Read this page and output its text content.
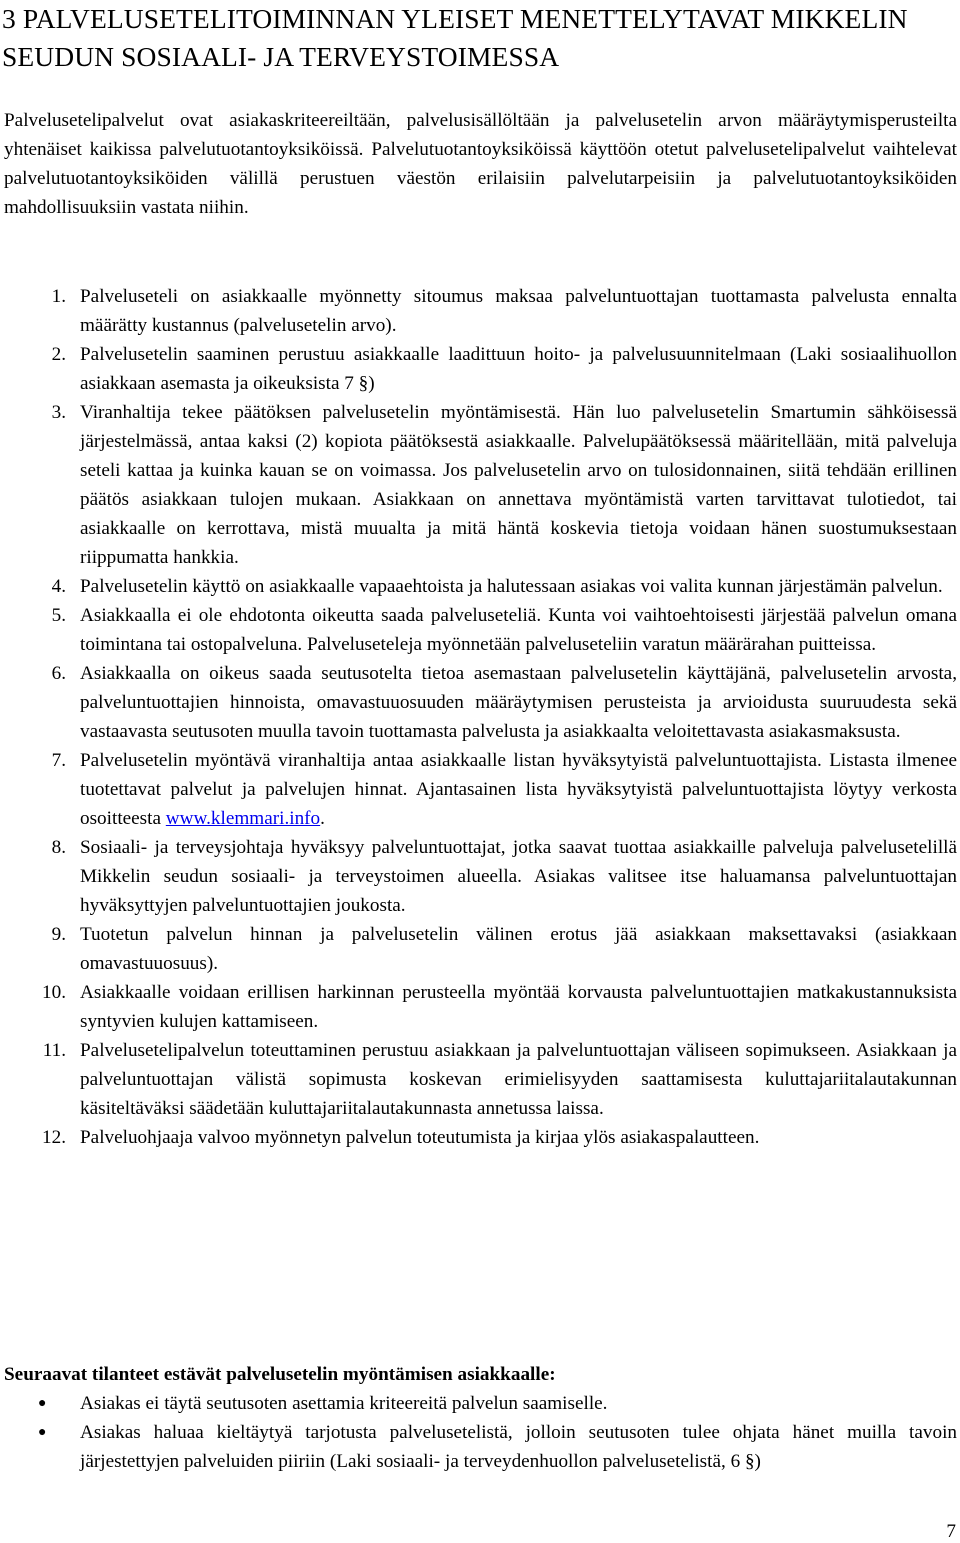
3 PALVELUSETELITOIMINNAN YLEISET MENETTELYTAVAT MIKKELIN SEUDUN SOSIAALI- JA TERVEYSTOIMESSA

Palvelusetelipalvelut ovat asiakaskriteereiltään, palvelusisällöltään ja palvelusetelin arvon määräytymisperusteilta yhtenäiset kaikissa palvelutuotantoyksiköissä. Palvelutuotantoyksiköissä käyttöön otetut palvelusetelipalvelut vaihtelevat palvelutuotantoyksiköiden välillä perustuen väestön erilaisiin palvelutarpeisiin ja palvelutuotantoyksiköiden mahdollisuuksiin vastata niihin.

1. Palveluseteli on asiakkaalle myönnetty sitoumus maksaa palveluntuottajan tuottamasta palvelusta ennalta määrätty kustannus (palvelusetelin arvo).
2. Palvelusetelin saaminen perustuu asiakkaalle laadittuun hoito- ja palvelusuunnitelmaan (Laki sosiaalihuollon asiakkaan asemasta ja oikeuksista 7 §)
3. Viranhaltija tekee päätöksen palvelusetelin myöntämisestä. Hän luo palvelusetelin Smartumin sähköisessä järjestelmässä, antaa kaksi (2) kopiota päätöksestä asiakkaalle. Palvelupäätöksessä määritellään, mitä palveluja seteli kattaa ja kuinka kauan se on voimassa. Jos palvelusetelin arvo on tulosidonnainen, siitä tehdään erillinen päätös asiakkaan tulojen mukaan. Asiakkaan on annettava myöntämistä varten tarvittavat tulotiedot, tai asiakkaalle on kerrottava, mistä muualta ja mitä häntä koskevia tietoja voidaan hänen suostumuksestaan riippumatta hankkia.
4. Palvelusetelin käyttö on asiakkaalle vapaaehtoista ja halutessaan asiakas voi valita kunnan järjestämän palvelun.
5. Asiakkaalla ei ole ehdotonta oikeutta saada palveluseteliä. Kunta voi vaihtoehtoisesti järjestää palvelun omana toimintana tai ostopalveluna. Palveluseteleja myönnetään palveluseteliin varatun määrärahan puitteissa.
6. Asiakkaalla on oikeus saada seutusotelta tietoa asemastaan palvelusetelin käyttäjänä, palvelusetelin arvosta, palveluntuottajien hinnoista, omavastuuosuuden määräytymisen perusteista ja arvioidusta suuruudesta sekä vastaavasta seutusoten muulla tavoin tuottamasta palvelusta ja asiakkaalta veloitettavasta asiakasmaksusta.
7. Palvelusetelin myöntävä viranhaltija antaa asiakkaalle listan hyväksytyistä palveluntuottajista. Listasta ilmenee tuotettavat palvelut ja palvelujen hinnat. Ajantasainen lista hyväksytyistä palveluntuottajista löytyy verkosta osoitteesta www.klemmari.info.
8. Sosiaali- ja terveysjohtaja hyväksyy palveluntuottajat, jotka saavat tuottaa asiakkaille palveluja palvelusetelillä Mikkelin seudun sosiaali- ja terveystoimen alueella. Asiakas valitsee itse haluamansa palveluntuottajan hyväksyttyjen palveluntuottajien joukosta.
9. Tuotetun palvelun hinnan ja palvelusetelin välinen erotus jää asiakkaan maksettavaksi (asiakkaan omavastuuosuus).
10. Asiakkaalle voidaan erillisen harkinnan perusteella myöntää korvausta palveluntuottajien matkakustannuksista syntyvien kulujen kattamiseen.
11. Palvelusetelipalvelun toteuttaminen perustuu asiakkaan ja palveluntuottajan väliseen sopimukseen. Asiakkaan ja palveluntuottajan välistä sopimusta koskevan erimielisyyden saattamisesta kuluttajariitalautakunnan käsiteltäväksi säädetään kuluttajariitalautakunnasta annetussa laissa.
12. Palveluohjaaja valvoo myönnetyn palvelun toteutumista ja kirjaa ylös asiakaspalautteen.

Seuraavat tilanteet estävät palvelusetelin myöntämisen asiakkaalle:

● Asiakas ei täytä seutusoten asettamia kriteereitä palvelun saamiselle.
● Asiakas haluaa kieltäytyä tarjotusta palvelusetelistä, jolloin seutusoten tulee ohjata hänet muilla tavoin järjestettyjen palveluiden piiriin (Laki sosiaali- ja terveydenhuollon palvelusetelistä, 6 §)
7
